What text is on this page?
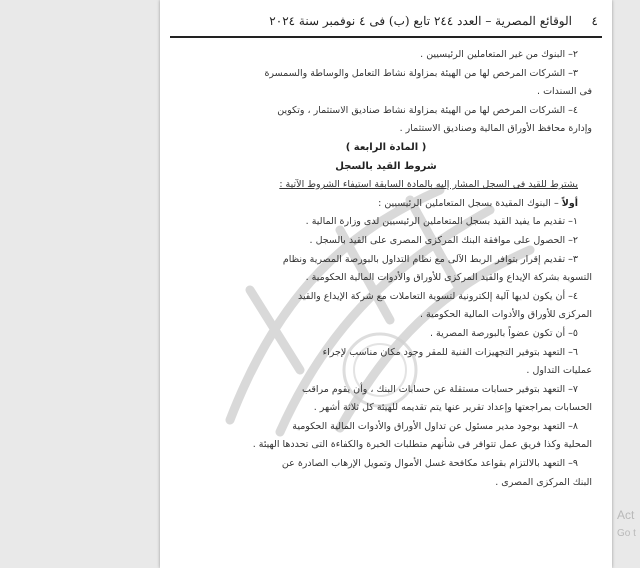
٤
الوقائع المصرية – العدد ٢٤٤ تابع (ب) فى ٤ نوفمبر سنة ٢٠٢٤

٢– البنوك من غير المتعاملين الرئيسيين .

٣– الشركات المرخص لها من الهيئة بمزاولة نشاط التعامل والوساطة والسمسرة

فى السندات .

٤– الشركات المرخص لها من الهيئة بمزاولة نشاط صناديق الاستثمار ، وتكوين

وإدارة محافظ الأوراق المالية وصناديق الاستثمار .

( المادة الرابعة )

شروط القيد بالسجل

يشترط للقيد فى السجل المشار إليه بالمادة السابقة استيفاء الشروط الآتية :

أولاً – البنوك المقيدة بسجل المتعاملين الرئيسيين :

١– تقديم ما يفيد القيد بسجل المتعاملين الرئيسيين لدى وزارة المالية .

٢– الحصول على موافقة البنك المركزى المصرى على القيد بالسجل .

٣– تقديم إقرار بتوافر الربط الآلى مع نظام التداول بالبورصة المصرية ونظام

التسوية بشركة الإيداع والقيد المركزى للأوراق والأدوات المالية الحكومية .

٤– أن يكون لديها آلية إلكترونية لتسوية التعاملات مع شركة الإيداع والقيد

المركزى للأوراق والأدوات المالية الحكومية .

٥– أن تكون عضواً بالبورصة المصرية .

٦– التعهد بتوفير التجهيزات الفنية للمقر وجود مكان مناسب لإجراء

عمليات التداول .

٧– التعهد بتوفير حسابات مستقلة عن حسابات البنك ، وأن يقوم مراقب

الحسابات بمراجعتها وإعداد تقرير عنها يتم تقديمه للهيئة كل ثلاثة أشهر .

٨– التعهد بوجود مدير مسئول عن تداول الأوراق والأدوات المالية الحكومية

المحلية وكذا فريق عمل تتوافر فى شأنهم متطلبات الخبرة والكفاءة التى تحددها الهيئة .

٩– التعهد بالالتزام بقواعد مكافحة غسل الأموال وتمويل الإرهاب الصادرة عن

البنك المركزى المصرى .

Act
Go t
